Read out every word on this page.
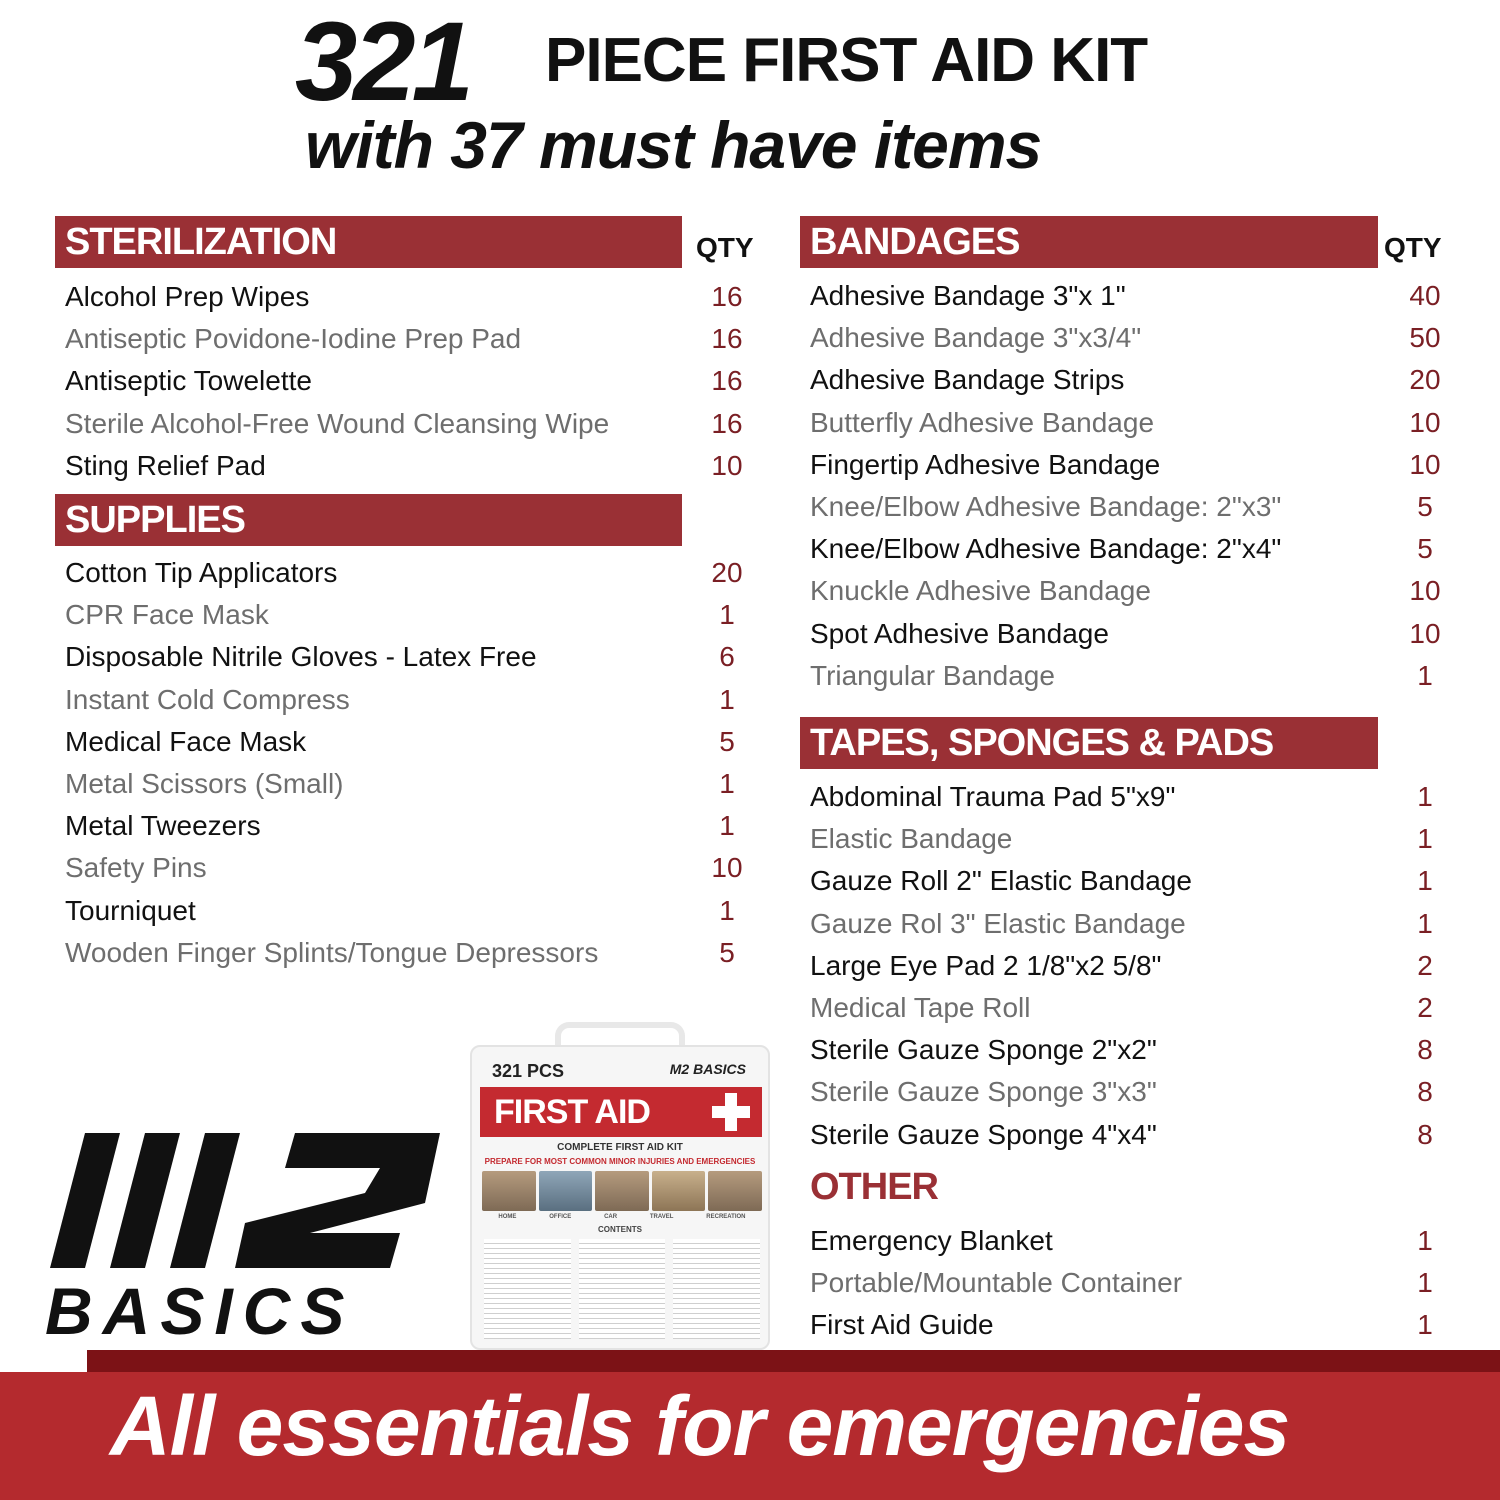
321 PIECE FIRST AID KIT
with 37 must have items
STERILIZATION	QTY
Alcohol Prep Wipes	16
Antiseptic Povidone-Iodine Prep Pad	16
Antiseptic Towelette	16
Sterile Alcohol-Free Wound Cleansing Wipe	16
Sting Relief Pad	10
SUPPLIES
Cotton Tip Applicators	20
CPR Face Mask	1
Disposable Nitrile Gloves - Latex Free	6
Instant Cold Compress	1
Medical Face Mask	5
Metal Scissors (Small)	1
Metal Tweezers	1
Safety Pins	10
Tourniquet	1
Wooden Finger Splints/Tongue Depressors	5
BANDAGES	QTY
Adhesive Bandage 3"x 1"	40
Adhesive Bandage 3"x3/4"	50
Adhesive Bandage Strips	20
Butterfly Adhesive Bandage	10
Fingertip Adhesive Bandage	10
Knee/Elbow Adhesive Bandage: 2"x3"	5
Knee/Elbow Adhesive Bandage: 2"x4"	5
Knuckle Adhesive Bandage	10
Spot Adhesive Bandage	10
Triangular Bandage	1
TAPES, SPONGES & PADS
Abdominal Trauma Pad 5"x9"	1
Elastic Bandage	1
Gauze Roll 2" Elastic Bandage	1
Gauze Rol 3" Elastic Bandage	1
Large Eye Pad 2 1/8"x2 5/8"	2
Medical Tape Roll	2
Sterile Gauze Sponge 2"x2"	8
Sterile Gauze Sponge 3"x3"	8
Sterile Gauze Sponge 4"x4"	8
OTHER
Emergency Blanket	1
Portable/Mountable Container	1
First Aid Guide	1
BASICS
321 PCS	M2 BASICS
FIRST AID
COMPLETE FIRST AID KIT
PREPARE FOR MOST COMMON MINOR INJURIES AND EMERGENCIES
HOME	OFFICE	CAR	TRAVEL	RECREATION
CONTENTS
All essentials for emergencies
